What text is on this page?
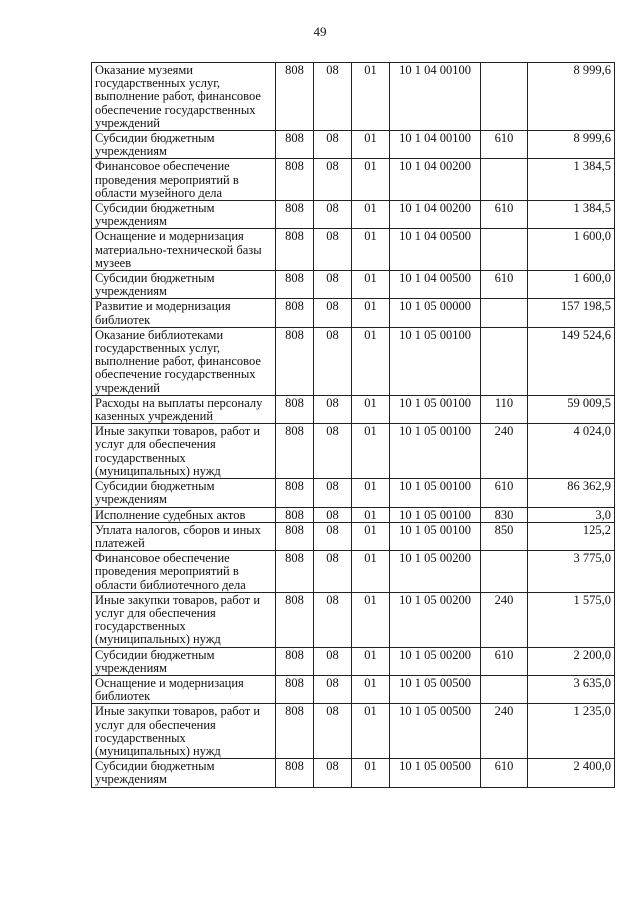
49
Оказание музеями государственных услуг, выполнение работ, финансовое обеспечение государственных учреждений	808	08	01	10 1 04 00100		8 999,6
Субсидии бюджетным учреждениям	808	08	01	10 1 04 00100	610	8 999,6
Финансовое обеспечение проведения мероприятий в области музейного дела	808	08	01	10 1 04 00200		1 384,5
Субсидии бюджетным учреждениям	808	08	01	10 1 04 00200	610	1 384,5
Оснащение и модернизация материально-технической базы музеев	808	08	01	10 1 04 00500		1 600,0
Субсидии бюджетным учреждениям	808	08	01	10 1 04 00500	610	1 600,0
Развитие и модернизация библиотек	808	08	01	10 1 05 00000		157 198,5
Оказание библиотеками государственных услуг, выполнение работ, финансовое обеспечение государственных учреждений	808	08	01	10 1 05 00100		149 524,6
Расходы на выплаты персоналу казенных учреждений	808	08	01	10 1 05 00100	110	59 009,5
Иные закупки товаров, работ и услуг для обеспечения государственных (муниципальных) нужд	808	08	01	10 1 05 00100	240	4 024,0
Субсидии бюджетным учреждениям	808	08	01	10 1 05 00100	610	86 362,9
Исполнение судебных актов	808	08	01	10 1 05 00100	830	3,0
Уплата налогов, сборов и иных платежей	808	08	01	10 1 05 00100	850	125,2
Финансовое обеспечение проведения мероприятий в области библиотечного дела	808	08	01	10 1 05 00200		3 775,0
Иные закупки товаров, работ и услуг для обеспечения государственных (муниципальных) нужд	808	08	01	10 1 05 00200	240	1 575,0
Субсидии бюджетным учреждениям	808	08	01	10 1 05 00200	610	2 200,0
Оснащение и модернизация библиотек	808	08	01	10 1 05 00500		3 635,0
Иные закупки товаров, работ и услуг для обеспечения государственных (муниципальных) нужд	808	08	01	10 1 05 00500	240	1 235,0
Субсидии бюджетным учреждениям	808	08	01	10 1 05 00500	610	2 400,0
